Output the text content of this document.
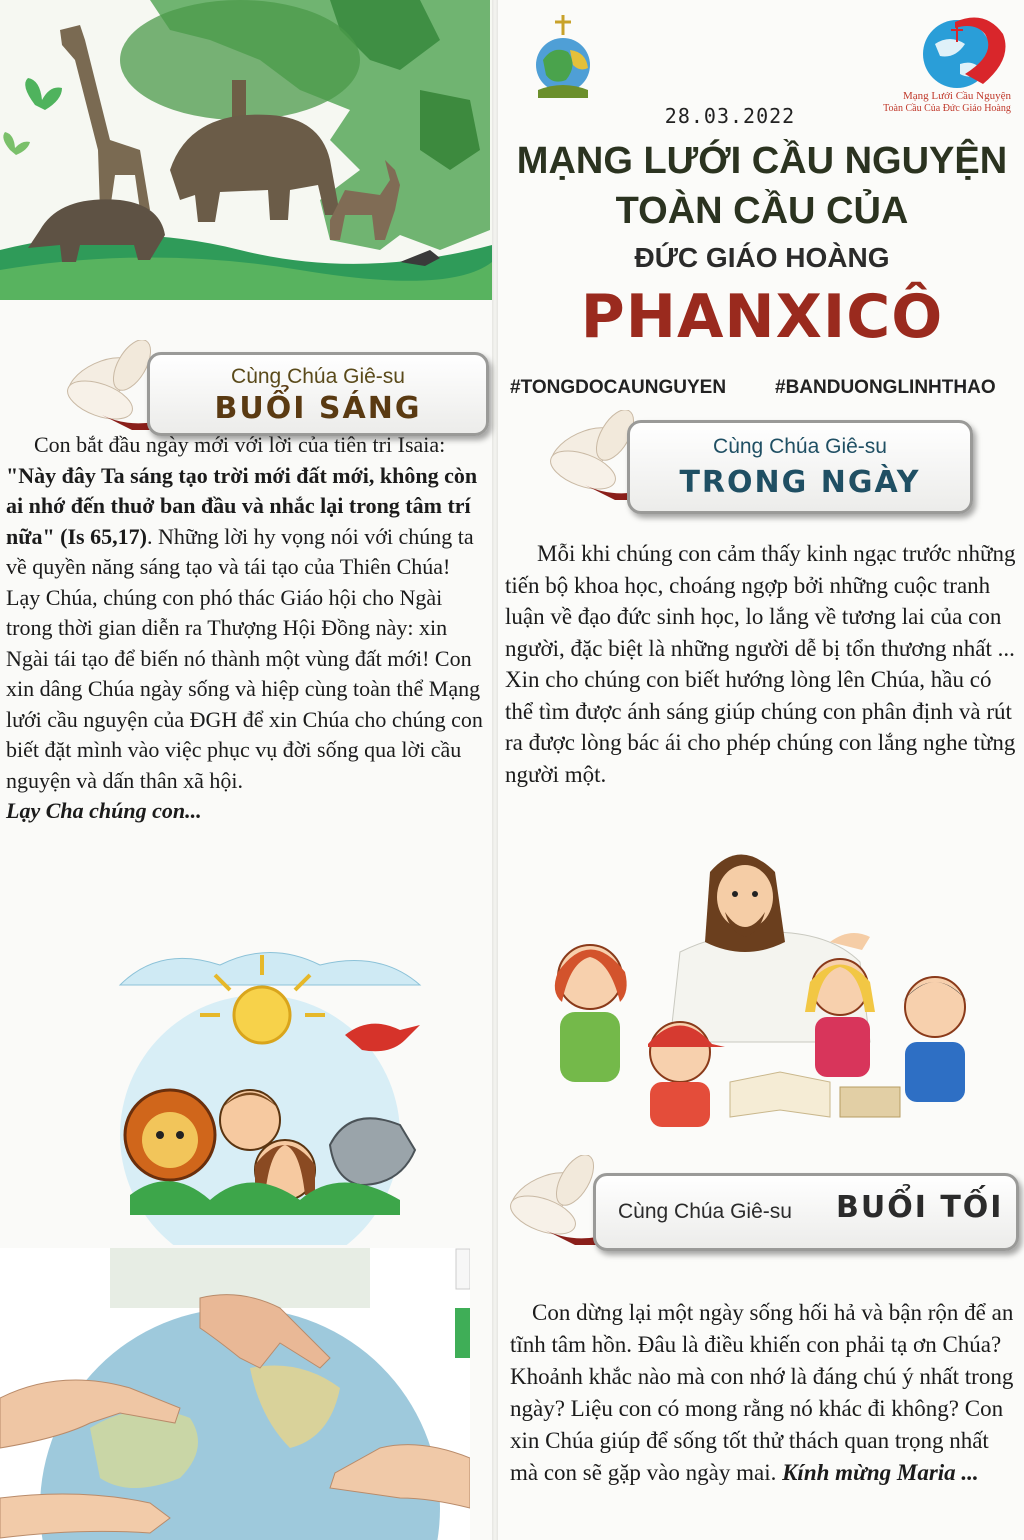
Cùng Chúa Giê-su
BUỔI SÁNG

Con bắt đầu ngày mới với lời của tiên tri Isaia: "Này đây Ta sáng tạo trời mới đất mới, không còn ai nhớ đến thuở ban đầu và nhắc lại trong tâm trí nữa" (Is 65,17). Những lời hy vọng nói với chúng ta về quyền năng sáng tạo và tái tạo của Thiên Chúa! Lạy Chúa, chúng con phó thác Giáo hội cho Ngài trong thời gian diễn ra Thượng Hội Đồng này: xin Ngài tái tạo để biến nó thành một vùng đất mới! Con xin dâng Chúa ngày sống và hiệp cùng toàn thể Mạng lưới cầu nguyện của ĐGH để xin Chúa cho chúng con biết đặt mình vào việc phục vụ đời sống qua lời cầu nguyện và dấn thân xã hội.

Lạy Cha chúng con...

Mạng Lưới Cầu Nguyện
Toàn Cầu Của Đức Giáo Hoàng
28.03.2022
MẠNG LƯỚI CẦU NGUYỆN
TOÀN CẦU CỦA
ĐỨC GIÁO HOÀNG
PHANXICÔ
#TONGDOCAUNGUYEN	#BANDUONGLINHTHAO
Cùng Chúa Giê-su
TRONG NGÀY

Mỗi khi chúng con cảm thấy kinh ngạc trước những tiến bộ khoa học, choáng ngợp bởi những cuộc tranh luận về đạo đức sinh học, lo lắng về tương lai của con người, đặc biệt là những người dễ bị tổn thương nhất ... Xin cho chúng con biết hướng lòng lên Chúa, hầu có thể tìm được ánh sáng giúp chúng con phân định và rút ra được lòng bác ái cho phép chúng con lắng nghe từng người một.

Cùng Chúa Giê-su BUỔI TỐI

Con dừng lại một ngày sống hối hả và bận rộn để an tĩnh tâm hồn. Đâu là điều khiến con phải tạ ơn Chúa? Khoảnh khắc nào mà con nhớ là đáng chú ý nhất trong ngày? Liệu con có mong rằng nó khác đi không? Con xin Chúa giúp để sống tốt thử thách quan trọng nhất mà con sẽ gặp vào ngày mai. Kính mừng Maria ...
